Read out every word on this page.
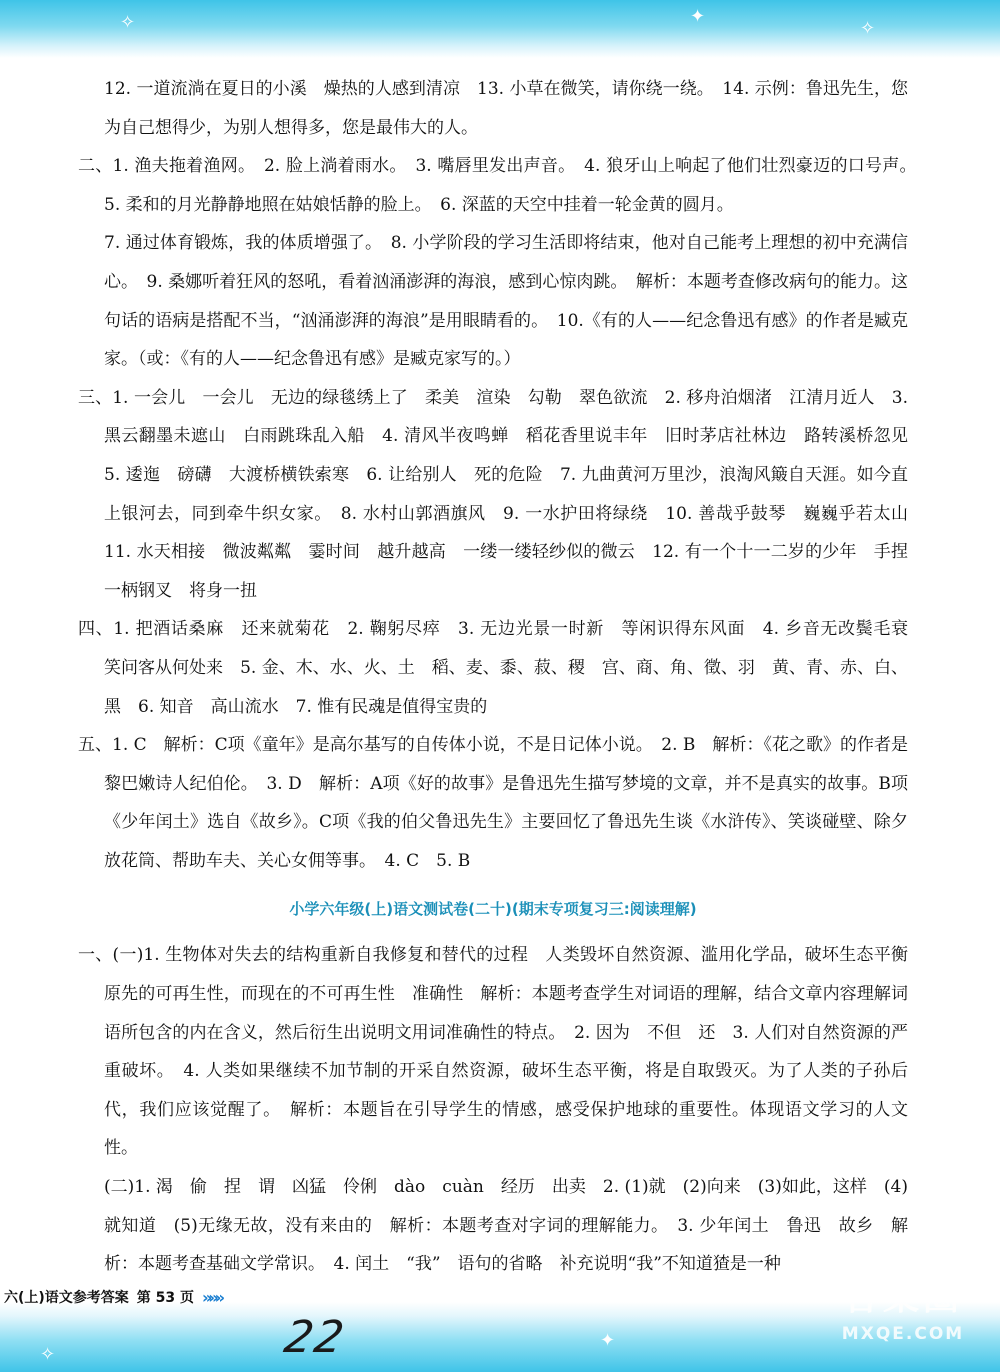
✦
✧
✧
12. 一道流淌在夏日的小溪　燥热的人感到清凉　13. 小草在微笑，请你绕一绕。　14. 示例：鲁迅先生，您为自己想得少，为别人想得多，您是最伟大的人。
二、1. 渔夫拖着渔网。　2. 脸上淌着雨水。　3. 嘴唇里发出声音。　4. 狼牙山上响起了他们壮烈豪迈的口号声。　5. 柔和的月光静静地照在姑娘恬静的脸上。　6. 深蓝的天空中挂着一轮金黄的圆月。
7. 通过体育锻炼，我的体质增强了。　8. 小学阶段的学习生活即将结束，他对自己能考上理想的初中充满信心。　9. 桑娜听着狂风的怒吼，看着汹涌澎湃的海浪，感到心惊肉跳。　解析：本题考查修改病句的能力。这句话的语病是搭配不当，“汹涌澎湃的海浪”是用眼睛看的。　10.《有的人——纪念鲁迅有感》的作者是臧克家。（或：《有的人——纪念鲁迅有感》是臧克家写的。）
三、1. 一会儿　一会儿　无边的绿毯绣上了　柔美　渲染　勾勒　翠色欲流　2. 移舟泊烟渚　江清月近人　3. 黑云翻墨未遮山　白雨跳珠乱入船　4. 清风半夜鸣蝉　稻花香里说丰年　旧时茅店社林边　路转溪桥忽见　5. 逶迤　磅礴　大渡桥横铁索寒　6. 让给别人　死的危险　7. 九曲黄河万里沙，浪淘风簸自天涯。如今直上银河去，同到牵牛织女家。　8. 水村山郭酒旗风　9. 一水护田将绿绕　10. 善哉乎鼓琴　巍巍乎若太山　11. 水天相接　微波粼粼　霎时间　越升越高　一缕一缕轻纱似的微云　12. 有一个十一二岁的少年　手捏一柄钢叉　将身一扭
四、1. 把酒话桑麻　还来就菊花　2. 鞠躬尽瘁　3. 无边光景一时新　等闲识得东风面　4. 乡音无改鬓毛衰　笑问客从何处来　5. 金、木、水、火、土　稻、麦、黍、菽、稷　宫、商、角、徵、羽　黄、青、赤、白、黑　6. 知音　高山流水　7. 惟有民魂是值得宝贵的
五、1. C　解析：C项《童年》是高尔基写的自传体小说，不是日记体小说。　2. B　解析：《花之歌》的作者是黎巴嫩诗人纪伯伦。　3. D　解析：A项《好的故事》是鲁迅先生描写梦境的文章，并不是真实的故事。B项《少年闰土》选自《故乡》。C项《我的伯父鲁迅先生》主要回忆了鲁迅先生谈《水浒传》、笑谈碰壁、除夕放花筒、帮助车夫、关心女佣等事。　4. C　5. B
小学六年级(上)语文测试卷(二十)(期末专项复习三:阅读理解)
一、(一)1. 生物体对失去的结构重新自我修复和替代的过程　人类毁坏自然资源、滥用化学品，破坏生态平衡　原先的可再生性，而现在的不可再生性　准确性　解析：本题考查学生对词语的理解，结合文章内容理解词语所包含的内在含义，然后衍生出说明文用词准确性的特点。　2. 因为　不但　还　3. 人们对自然资源的严重破坏。　4. 人类如果继续不加节制的开采自然资源，破坏生态平衡，将是自取毁灭。为了人类的子孙后代，我们应该觉醒了。　解析：本题旨在引导学生的情感，感受保护地球的重要性。体现语文学习的人文性。
(二)1. 渴　偷　捏　谓　凶猛　伶俐　dào　cuàn　经历　出卖　2. (1)就　(2)向来　(3)如此，这样　(4)就知道　(5)无缘无故，没有来由的　解析：本题考查对字词的理解能力。　3. 少年闰土　鲁迅　故乡　解析：本题考查基础文学常识。　4. 闰土　“我”　语句的省略　补充说明“我”不知道猹是一种
✦
✧
六(上)语文参考答案 第 53 页 »»»
22
答案圈
MXQE.COM
